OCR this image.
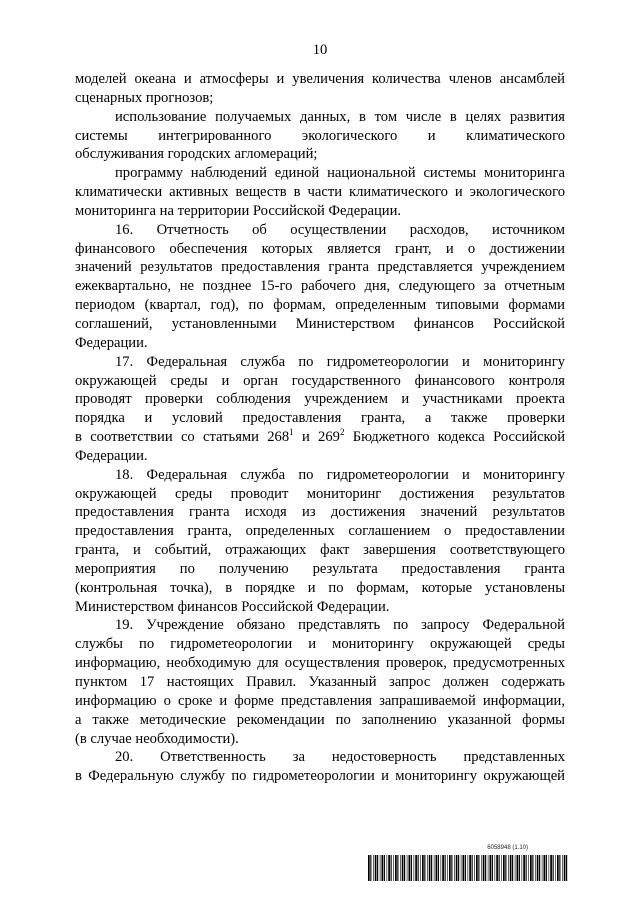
10
моделей океана и атмосферы и увеличения количества членов ансамблей
сценарных прогнозов;
использование получаемых данных, в том числе в целях развития
системы интегрированного экологического и климатического
обслуживания городских агломераций;
программу наблюдений единой национальной системы мониторинга
климатически активных веществ в части климатического и экологического
мониторинга на территории Российской Федерации.
16. Отчетность об осуществлении расходов, источником
финансового обеспечения которых является грант, и о достижении
значений результатов предоставления гранта представляется учреждением
ежеквартально, не позднее 15-го рабочего дня, следующего за отчетным
периодом (квартал, год), по формам, определенным типовыми формами
соглашений, установленными Министерством финансов Российской
Федерации.
17. Федеральная служба по гидрометеорологии и мониторингу
окружающей среды и орган государственного финансового контроля
проводят проверки соблюдения учреждением и участниками проекта
порядка и условий предоставления гранта, а также проверки
в соответствии со статьями $268^1$ и $269^2$ Бюджетного кодекса Российской
Федерации.
18. Федеральная служба по гидрометеорологии и мониторингу
окружающей среды проводит мониторинг достижения результатов
предоставления гранта исходя из достижения значений результатов
предоставления гранта, определенных соглашением о предоставлении
гранта, и событий, отражающих факт завершения соответствующего
мероприятия по получению результата предоставления гранта
(контрольная точка), в порядке и по формам, которые установлены
Министерством финансов Российской Федерации.
19. Учреждение обязано представлять по запросу Федеральной
службы по гидрометеорологии и мониторингу окружающей среды
информацию, необходимую для осуществления проверок, предусмотренных
пунктом 17 настоящих Правил. Указанный запрос должен содержать
информацию о сроке и форме представления запрашиваемой информации,
а также методические рекомендации по заполнению указанной формы
(в случае необходимости).
20. Ответственность за недостоверность представленных
в Федеральную службу по гидрометеорологии и мониторингу окружающей
6058948 (1.10)
